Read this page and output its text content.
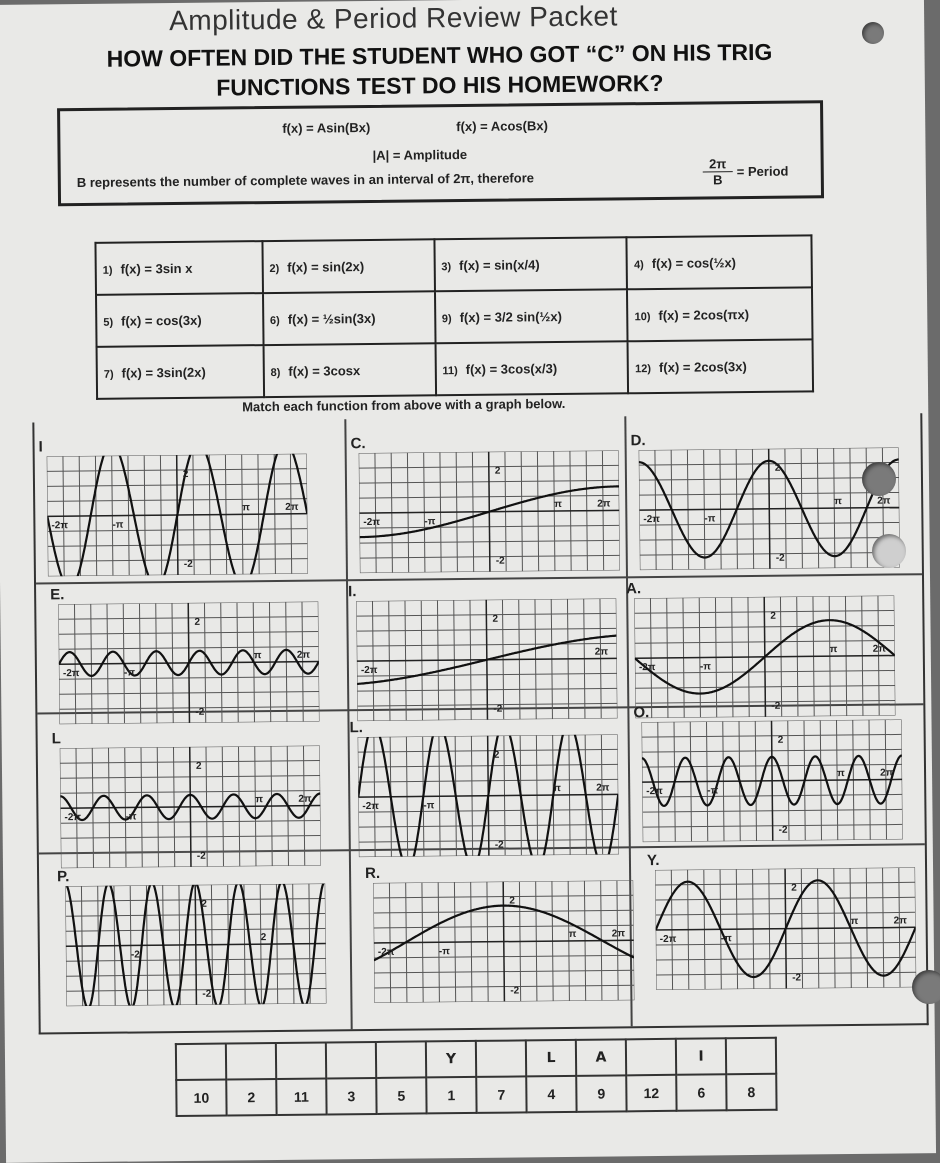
Amplitude & Period Review Packet
HOW OFTEN DID THE STUDENT WHO GOT “C” ON HIS TRIG
FUNCTIONS TEST DO HIS HOMEWORK?
f(x) = Asin(Bx)	f(x) = Acos(Bx)
|A| = Amplitude
B represents the number of complete waves in an interval of 2π, therefore	$\frac{2\pi}{B}$ = Period
1) f(x) = 3sin x	2) f(x) = sin(2x)	3) f(x) = sin(x/4)	4) f(x) = cos(½x)
5) f(x) = cos(3x)	6) f(x) = ½sin(3x)	9) f(x) = 3/2 sin(½x)	10) f(x) = 2cos(πx)
7) f(x) = 3sin(2x)	8) f(x) = 3cosx	11) f(x) = 3cos(x/3)	12) f(x) = 2cos(3x)
Match each function from above with a graph below.
I
2
-2
-2π
2π
π
-π
C.
2
-2
-2π
2π
π
-π
D.
2
-2
-2π
2π
π
-π
E.
2
-2
-2π
2π
π
-π
I.
2
-2
-2π
2π
A.
2
-2
-2π
2π
π
-π
L
2
-2
-2π
2π
π
-π
L.
2
-2
-2π
2π
π
-π
O.
2
-2
-2π
2π
π
-π
P.
2
-2
2
-2
R.
2
-2
-2π
2π
π
-π
Y.
2
-2
-2π
2π
π
-π
					Y		L	A		I	
10	2	11	3	5	1	7	4	9	12	6	8
